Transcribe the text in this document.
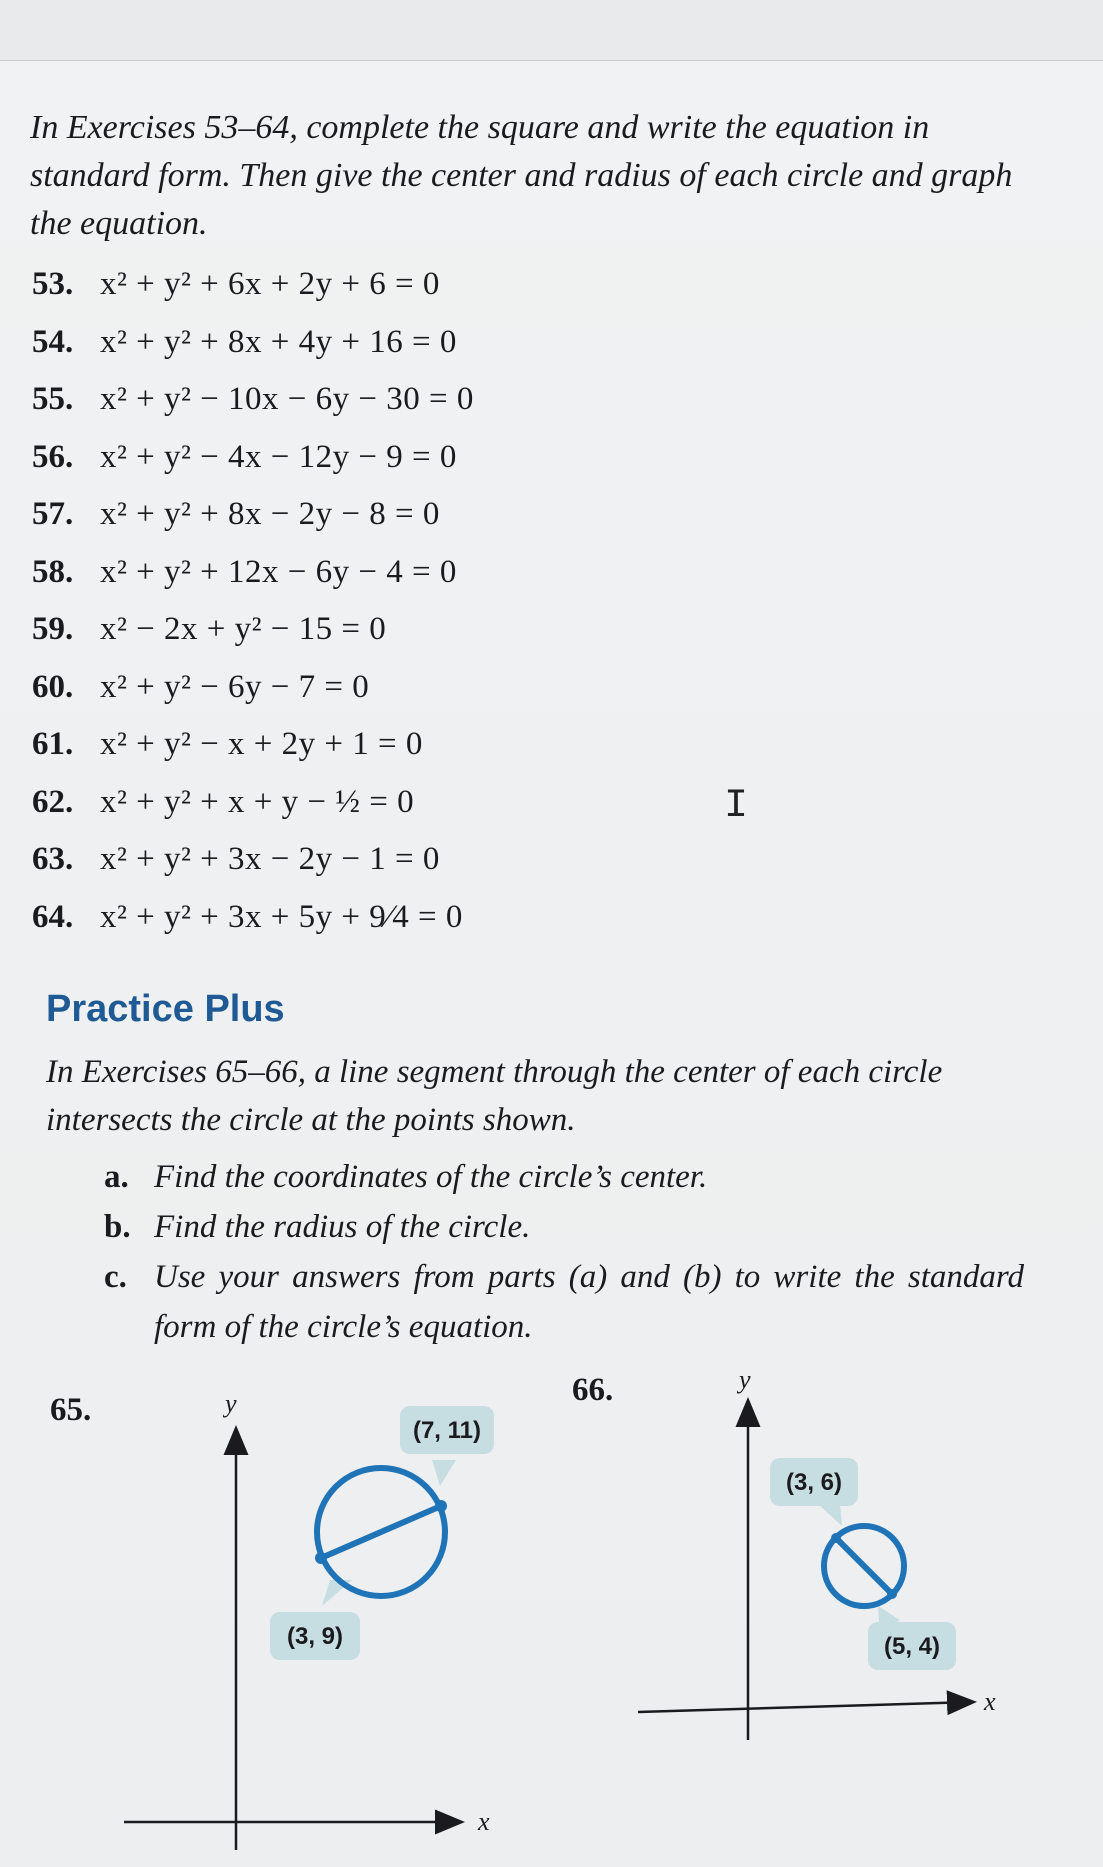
In Exercises 53–64, complete the square and write the equation in standard form. Then give the center and radius of each circle and graph the equation.

53. x² + y² + 6x + 2y + 6 = 0
54. x² + y² + 8x + 4y + 16 = 0
55. x² + y² − 10x − 6y − 30 = 0
56. x² + y² − 4x − 12y − 9 = 0
57. x² + y² + 8x − 2y − 8 = 0
58. x² + y² + 12x − 6y − 4 = 0
59. x² − 2x + y² − 15 = 0
60. x² + y² − 6y − 7 = 0
61. x² + y² − x + 2y + 1 = 0
62. x² + y² + x + y − ½ = 0
63. x² + y² + 3x − 2y − 1 = 0
64. x² + y² + 3x + 5y + 9⁄4 = 0
I
Practice Plus

In Exercises 65–66, a line segment through the center of each circle intersects the circle at the points shown.

a. Find the coordinates of the circle’s center.
b. Find the radius of the circle.
c. Use your answers from parts (a) and (b) to write the standard form of the circle’s equation.
65.
66.
y
x
(3, 9)
(7, 11)
y
x
(3, 6)
(5, 4)
